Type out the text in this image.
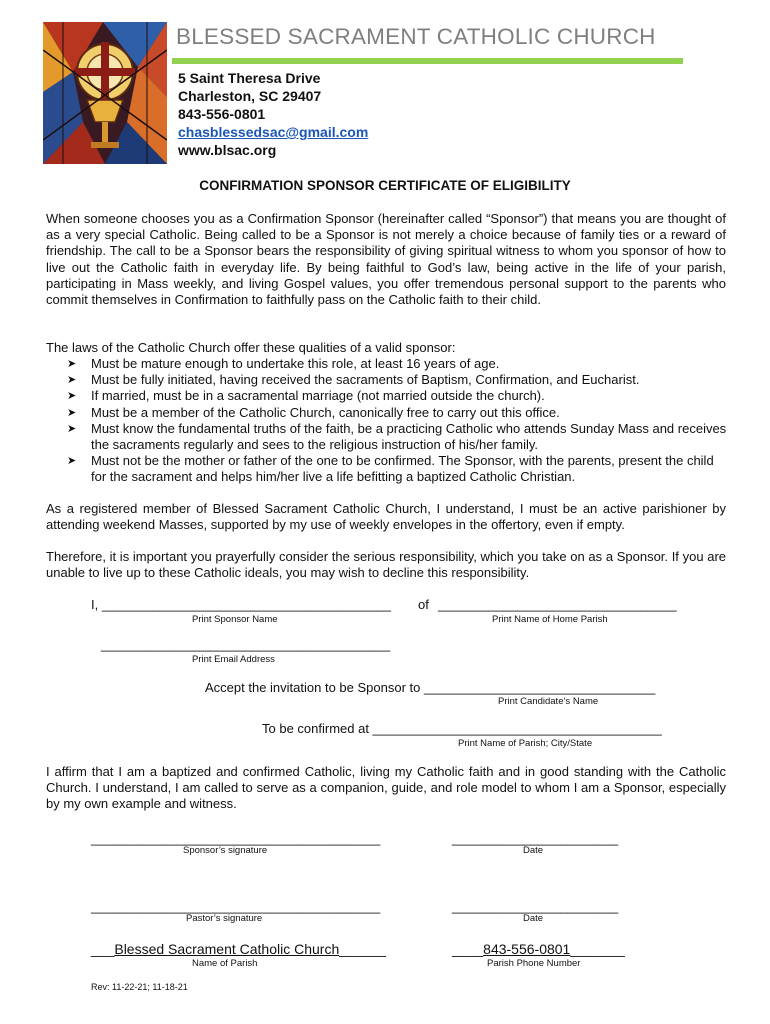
BLESSED SACRAMENT CATHOLIC CHURCH
5 Saint Theresa Drive
Charleston, SC 29407
843-556-0801
chasblessedsac@gmail.com
www.blsac.org
CONFIRMATION SPONSOR CERTIFICATE OF ELIGIBILITY
When someone chooses you as a Confirmation Sponsor (hereinafter called “Sponsor”) that means you are thought of as a very special Catholic. Being called to be a Sponsor is not merely a choice because of family ties or a reward of friendship. The call to be a Sponsor bears the responsibility of giving spiritual witness to whom you sponsor of how to live out the Catholic faith in everyday life. By being faithful to God’s law, being active in the life of your parish, participating in Mass weekly, and living Gospel values, you offer tremendous personal support to the parents who commit themselves in Confirmation to faithfully pass on the Catholic faith to their child.
The laws of the Catholic Church offer these qualities of a valid sponsor:
➤ Must be mature enough to undertake this role, at least 16 years of age.
➤ Must be fully initiated, having received the sacraments of Baptism, Confirmation, and Eucharist.
➤ If married, must be in a sacramental marriage (not married outside the church).
➤ Must be a member of the Catholic Church, canonically free to carry out this office.
➤ Must know the fundamental truths of the faith, be a practicing Catholic who attends Sunday Mass and receives the sacraments regularly and sees to the religious instruction of his/her family.
➤ Must not be the mother or father of the one to be confirmed. The Sponsor, with the parents, present the child for the sacrament and helps him/her live a life befitting a baptized Catholic Christian.
As a registered member of Blessed Sacrament Catholic Church, I understand, I must be an active parishioner by attending weekend Masses, supported by my use of weekly envelopes in the offertory, even if empty.
Therefore, it is important you prayerfully consider the serious responsibility, which you take on as a Sponsor. If you are unable to live up to these Catholic ideals, you may wish to decline this responsibility.
I, ________________________________________ of _________________________________
Print Sponsor Name	Print Name of Home Parish
________________________________________
Print Email Address
Accept the invitation to be Sponsor to ________________________________
Print Candidate’s Name
To be confirmed at ________________________________________
Print Name of Parish; City/State
I affirm that I am a baptized and confirmed Catholic, living my Catholic faith and in good standing with the Catholic Church. I understand, I am called to serve as a companion, guide, and role model to whom I am a Sponsor, especially by my own example and witness.
________________________________________	_______________________
Sponsor’s signature	Date
________________________________________	_______________________
Pastor’s signature	Date
___Blessed Sacrament Catholic Church______	____843-556-0801_______
Name of Parish	Parish Phone Number
Rev: 11-22-21; 11-18-21
